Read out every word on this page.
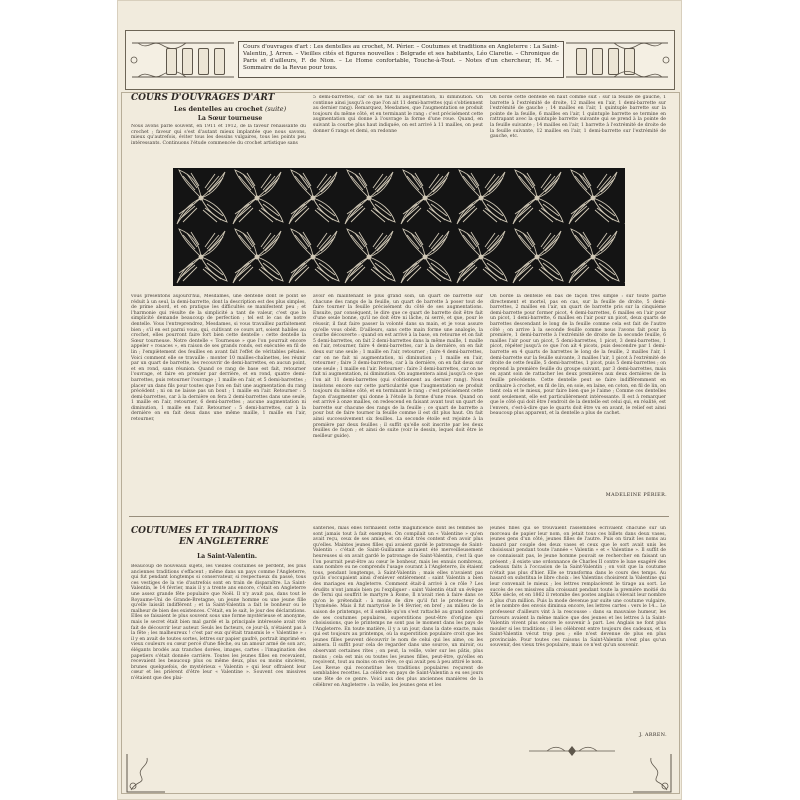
Cours d'ouvrages d'art : Les dentelles au crochet, M. Périer. – Coutumes et traditions en Angleterre : La Saint-Valentin, J. Arren. – Vieilles cités et figures nouvelles : Belgrade et ses habitants, Léo Claretie. – Chronique de Paris et d'ailleurs, F. de Nion. – Le Home confortable, Touche-à-Tout. – Notes d'un chercheur, H. M. – Sommaire de la Revue pour tous.
COURS D'OUVRAGES D'ART
Les dentelles au crochet (suite)
La Sœur tourneuse
Nous avons parlé souvent, en 1911 et 1912, de la faveur renaissante du crochet ; faveur qui s'est d'autant mieux implantée que nous savons, mieux qu'autrefois, éviter tous les dessins vulgaires, tous les points peu intéressants. Continuons l'étude commencée du crochet artistique sans
5 demi-barrettes, car on ne fait ni augmentation, ni diminution. On continue ainsi jusqu'à ce que l'on ait 11 demi-barrettes (qui s'obtiennent au dernier rang). Remarquez, Mesdames, que l'augmentation se produit toujours du même côté, et en terminant le rang : c'est précisément cette augmentation qui donne à l'ouvrage la forme d'une roue. Quand, en suivant la courbe plus haut indiquée, on est arrivé à 11 mailles, on peut donner 6 rangs et demi, on redonne
On borde cette dentelle en haut comme suit : sur la feuille de gauche, 1 barrette à l'extrémité de droite, 12 mailles en l'air, 1 demi-barrette sur l'extrémité de gauche ; 14 mailles en l'air, 1 quintuple barrette sur la pointe de la feuille, 6 mailles en l'air, 1 quintuple barrette se termine en rattrapant avec la quintuple barrette suivante qui se prend à la pointe de la feuille suivante ; 14 mailles en l'air, 1 barrette à l'extrémité de droite de la feuille suivante, 12 mailles en l'air, 1 demi-barrette sur l'extrémité de gauche, etc.
vous présentons aujourd'hui, Mesdames, une dentelle dont le point se réduit à un seul, la demi-barrette, dont la description est des plus simples, de prime abord, et en pratique les difficultés se manifestent peu ; et l'harmonie qui résulte de la simplicité a tant de valeur, c'est que la simplicité demande beaucoup de perfection ; tel est le cas de notre dentelle. Vous l'entreprendrez, Mesdames, si vous travaillez parfaitement bien ; s'il en est parmi vous, qui, cultivant ce cours art, soient habiles au crochet, elles pourront faire fort bien cette dentelle : cette dentelle la Sœur tourneuse. Notre dentelle « Tourneuse » que l'on pourrait encore appeler « rosaces », en raison de ses grands ronds, est exécutée en fil de lin ; l'empiètement des feuilles en avant fait l'effet de véritables pétales. Voici comment elle se travaille : monter 10 mailles-chaînettes, les réunir par un quart de barrette, les recouvrir de demi-barrettes, en aucun point, et en rond, sans réunion. Quand ce rang de base est fait, retourner l'ouvrage, et faire en premier par derrière, et en rond, quatre demi-barrettes, puis retourner l'ouvrage ; 1 maille en l'air, et 5 demi-barrettes ; placer un dans fils pour toutes que l'on en fait une augmentation du rang précédent ; ni on ne laisse pas un bout ; 1 maille en l'air. Retourner : 5 demi-barrettes, car à la dernière on fera 2 demi-barrettes dans une seule, 1 maille en l'air, retourner, 6 demi-barrettes ; aucune augmentation ni diminution, 1 maille en l'air. Retourner : 5 demi-barrettes, car à la dernière on en fait deux dans une même maille, 1 maille en l'air, retourner,
avoir en maintenant le plus grand soin, un quart de barrette sur chacune des rangs de la feuille, un quart de barrette à poser tout de faire tourner la feuille précisément du côté de ses augmentations. Ensuite, par conséquent, le dire que ce quart de barrette doit être fait d'une seule bonne, qu'il ne doit être ni lâche, ni serré, et que, pour le réussir, il faut faire passer la volonté dans sa main, et je vous assure qu'elle vous obéit. D'ailleurs, sans cette main forme une analogie, la courbe découverte : quand on est arrivé à la base, on retourne et on fait 5 demi-barrettes, on fait 2 demi-barrettes dans la même maille, 1 maille en l'air, retourner, faire 4 demi-barrettes, car à la dernière, on en fait deux sur une seule ; 1 maille en l'air, retourner ; faire 4 demi-barrettes, car on ne fait ni augmentation, ni diminution ; 1 maille en l'air, retourner ; faire 3 demi-barrettes, car à la dernière, on en fait deux sur une seule ; 1 maille en l'air. Retourner : faire 3 demi-barrettes, car on ne fait ni augmentation, ni diminution. On augmentera ainsi jusqu'à ce que l'on ait 11 demi-barrettes (qui s'obtiennent au dernier rang). Nous insistons encore sur cette particularité que l'augmentation se produit toujours du même côté, et en terminant le rang : c'est précisément cette façon d'augmenter qui donne à l'étoile la forme d'une roue. Quand on est arrivé à onze mailles, on redescend en faisant avant tout un quart de barrette sur chacune des rangs de la feuille ; ce quart de barrette a pour but de faire tourner la feuille comme il est dit plus haut. On fait ainsi successivement six feuilles. La seconde étoile est rejointe à la première par deux feuilles ; il suffit qu'elle soit inscrite par les deux feuilles de façon ; et ainsi de suite (voir le dessin, lequel doit être le meilleur guide).
On borde la dentelle en bas de façon très simple : sur toute partie directement et mortel, pas en cas, sur la feuille de droite, 5 demi-barrettes, 2 mailles en l'air, un quart de barrette pris sur la cinquième demi-barrette pour former picot, 4 demi-barrettes, 6 mailles en l'air pour un picot, 1 demi-barrette, 6 mailles en l'air pour un picot, deux quarts de barrettes descendant le long de la feuille comme cela est fait de l'autre côté ; on arrive à la seconde feuille comme nous l'avons fait pour la première, 1 demi-barrette à l'extrémité de droite de la seconde feuille, 6 mailles l'air pour un picot, 5 demi-barrettes, 1 picot, 3 demi-barrettes, 1 picot, répéter jusqu'à ce que l'on ait 4 picots, puis descendre par 1 demi-barrette en 4 quarts de barrettes le long de la feuille, 2 mailles l'air, 1 demi-barrette sur la feuille suivante, 3 mailles l'air, 1 picot à l'extrémité de droite de cette feuille, 5 demi-barrettes, 1 picot, puis 5 demi-barrettes ; on reprend la première feuille du groupe suivant, par 3 demi-barrettes, mais en ayant soin de rattacher les deux premières aux deux dernières de la feuille précédente. Cette dentelle peut se faire indifféremment en ordinaire à crochet, en fil de lin, en soie, en laine, en coton, en fil de lin, on tient cela et le mieux, pour faire bien que je l'aime ; Comme ces dentelles sont seulement, elle est particulièrement intéressante. Il est à remarquer que le côté qui doit être l'endroit de la dentelle est celui qui, en réalité, est l'envers, c'est-à-dire que le quarts doit être vu en avant, le relief est ainsi beaucoup plus apparent, et la dentelle a plus de cachet.
MADELEINE PÉRIER.
COUTUMES ET TRADITIONS
EN ANGLETERRE
La Saint-Valentin.
Beaucoup de nouveaux sujets, les vieilles coutumes se perdent, les plus anciennes traditions s'effacent ; même dans un pays comme l'Angleterre, qui fut pendant longtemps si conservateur, si respectueux du passé, tous ces vestiges de la vie d'autrefois sont en train de disparaître. La Saint-Valentin, le 14 février, mais il y a trente ans encore, c'était en Angleterre une assez grande fête populaire que Noël. Il n'y avait pas, dans tout le Royaume-Uni de Grande-Bretagne, un jeune homme ou une jeune fille qu'elle laissât indifférent ; et la Saint-Valentin a fait le bonheur ou le malheur de bien des existences. C'était, en le sait, le jour des déclarations. Elles se faisaient le plus souvent sous une forme mystérieuse et anonyme, mais le secret était bien mal gardé et la principale intéressée avait vite fait de découvrir leur auteur. Seuls les facteurs, ce jour-là, n'étaient pas à la fête ; les malheureux ! c'est par eux qu'était transmis le « Valentine » : il y en avait de toutes sortes, lettres sur papier gaufré, portrait imprimé en vieux couleurs ou cœur percé d'une flèche, ou un amour armé de son arc, élégants brodés aux tranches dorées, images, cartes : l'imagination des papetiers s'était donnée carrière. Toutes les jeunes filles en recevaient, recevaient les beaucoup plus ou même deux, plus ou moins sincères, brunes quelquefois, de mystérieux « Valentin » qui leur offraient leur cœur et les prièrent d'être leur « Valentine ». Souvent ces missives n'étaient que des plai-
santeries, mais elles formaient cette magnificence dont les femmes ne sont jamais tout à fait exemptes. On compilait un « Valentine » qu'en avait reçu, ceux de ses amies, et on était très content d'en avoir plus qu'elles. Maintes jeunes filles qui avaient gardé le patronage de Saint-Valentin : c'était de Saint-Guillaume auraient été merveilleusement heureuses si on avait gardé le patronage de Saint-Valentin, c'est là que l'on pourrait peut-être au cœur le bonheur, mais les ennuis nombreux, sans nombre ou ne comprends l'usage courant à l'Angleterre, ils étaient tous, pendant longtemps, à Saint-Valentin ; mais elles n'avaient pas qu'ils s'occupaient ainsi d'enlever entièrement : saint Valentin a bien des mariages en Angleterre. Comment était-il arrivé à ce rôle ? Les érudits n'ont jamais bien pu l'expliquer : saint Valentin était un évêque de Terni qui souffrit le martyre à Rome, Il n'avait rien à faire dans ce qu'on le prétendait : à moins de dire qu'il fut le protecteur de l'hyménée. Mais il fut martyrisé le 14 février, en bref ; au milieu de la saison de printemps, et il semble qu'on s'est rattaché au grand nombre de ses coutumes populaires, superstitions peut-être d'origine qui choisissions, que le printemps ne sont pas le moment dans les pays de l'Angleterre. En toute matière, il y a un jour, dans la date exacte, mais qui est toujours au printemps, où la superstition populaire croit que les jeunes filles peuvent découvrir le nom de celui qui les aime, ou les aimera. Il suffit pour cela de regarder dans une source, un miroir, ou observant certaines rites ; on peut, la veille, voler sur les pâtis, plus moins ; cela est mis ou toutes les jeunes filles, peut-être, qu'elles en reçoivent, tout au moins on en rêve, ce qui avait peu à peu attiré le nom. Les Revue qui reconstitue les traditions populaires reçurent de semblables recettes. La célèbre en pays de Saint-Valentin a eu ses jours une fête de ce genre. Voici aux des plus anciennes manières de la célébrer en Angleterre : la veille, les jeunes gens et les
jeunes filles qui se trouvaient rassemblés écrivaient chacune sur un morceau de papier leur nom, on jetait tous ces billets dans deux vases, jeunes gens d'un côté, jeunes filles de l'autre. Puis on tirait les noms au hasard par couple des deux vases et ceux que le sort avait unis les choisissait pendant toute l'année « Valentin » et « Valentine ». Il suffit de se connaissait pas, le jeune homme pouvait se rechercher en faisant un présent ; il existe une ordonnance de Charles II contre le luxe exagéré des cadeaux faits à l'occasion de la Saint-Valentin ; on voit que la coutume n'était pas plus d'hier. Elle se transforma dans le cours des temps. Au hasard on substitua le libre choix : les Valentins choisirent la Valentine qui leur convenait le mieux ; les lettres remplacèrent le tirage au sort. Le succès de ces missives alla croissant pendant toute la première moitié du XIXe siècle, et en 1862 il retombe des postes anglais s'élevait leur nombre à plus d'un million. Puis la mode devenue par suite une coutume vulgaire, et le nombre des envois diminua encore, les lettres cartes : vers le 14... Le professeur d'ailleurs vint à la rescousse : dans sa mauvaise humeur, les farceurs avaient la même malice que des jeunes et les lettres à la Saint-Valentin vivent plus encore le souvenir à part. Les Anglais ne font plus mouler si les traditions ; il les célèbrent entre toujours des cadeaux, et la Saint-Valentin vécut trop peu ; elle n'est devenue de plus en plus provinciale. Pour toutes ces raisons la Saint-Valentin n'est plus qu'un souvenir, des vieux très populaire, mais ce n'est qu'un souvenir.
J. ARREN.
